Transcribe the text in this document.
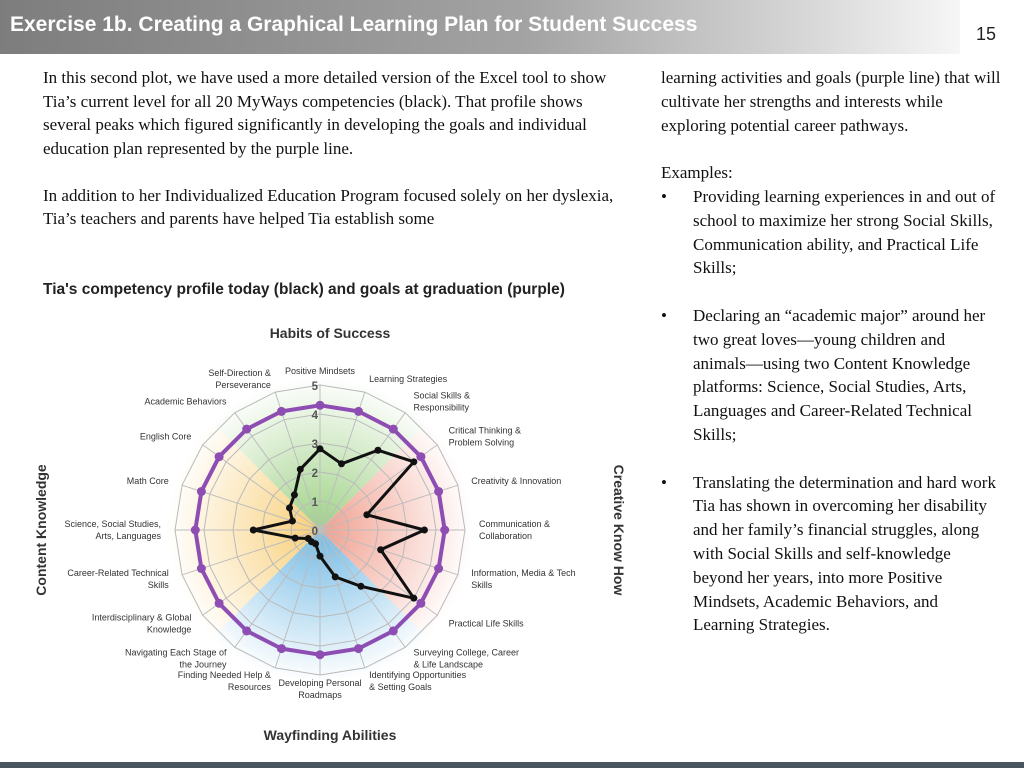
Exercise 1b. Creating a Graphical Learning Plan for Student Success	15

In this second plot, we have used a more detailed version of the Excel tool to show Tia’s current level for all 20 MyWays competencies (black). That profile shows several peaks which figured significantly in developing the goals and individual education plan represented by the purple line.

In addition to her Individualized Education Program focused solely on her dyslexia, Tia’s teachers and parents have helped Tia establish some

learning activities and goals (purple line) that will cultivate her strengths and interests while exploring potential career pathways.

Examples:
• Providing learning experiences in and out of school to maximize her strong Social Skills, Communication ability, and Practical Life Skills;
• Declaring an “academic major” around her two great loves—young children and animals—using two Content Knowledge platforms: Science, Social Studies, Arts, Languages and Career-Related Technical Skills;
• Translating the determination and hard work Tia has shown in overcoming her disability and her family’s financial struggles, along with Social Skills and self-knowledge beyond her years, into more Positive Mindsets, Academic Behaviors, and Learning Strategies.
Tia's competency profile today (black) and goals at graduation (purple)
0
1
2
3
4
5
Positive Mindsets
Learning Strategies
Social Skills & Responsibility
Critical Thinking & Problem Solving
Creativity & Innovation
Communication & Collaboration
Information, Media & Tech Skills
Practical Life Skills
Surveying College, Career & Life Landscape
Identifying Opportunities & Setting Goals
Developing Personal Roadmaps
Finding Needed Help & Resources
Navigating Each Stage of the Journey
Interdisciplinary & Global Knowledge
Career-Related Technical Skills
Science, Social Studies, Arts, Languages
Math Core
English Core
Academic Behaviors
Self-Direction & Perseverance
Habits of Success
Creative Know How
Wayfinding Abilities
Content Knowledge
